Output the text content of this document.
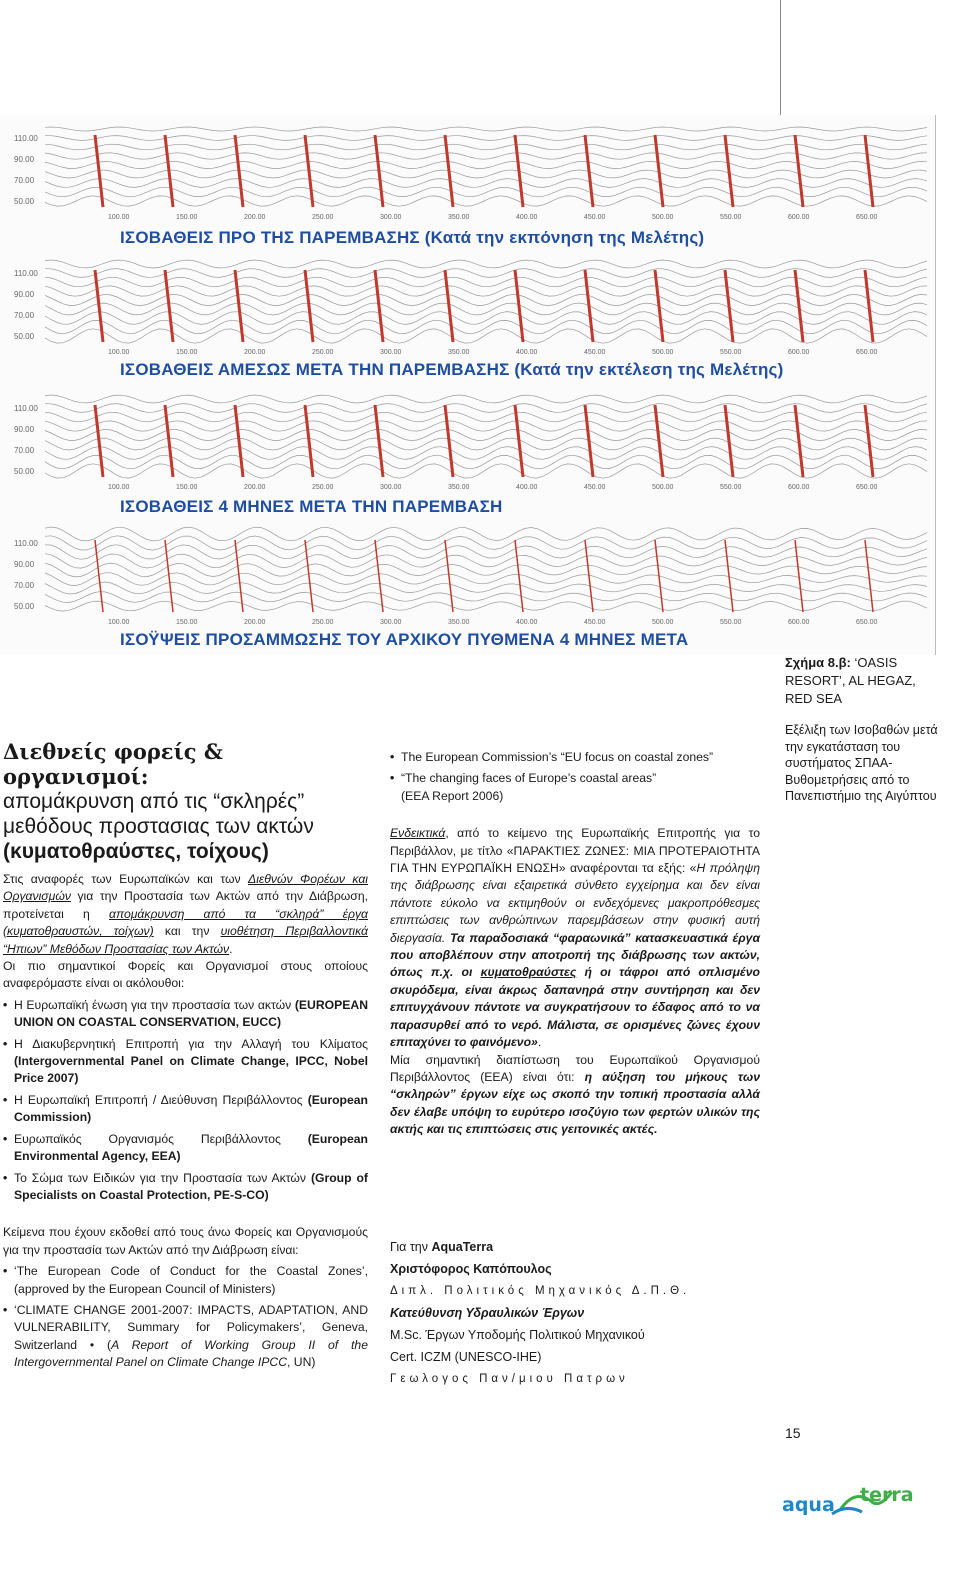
110.00
90.00
70.00
50.00
100.00	150.00	200.00	250.00	300.00	350.00	400.00	450.00	500.00	550.00	600.00	650.00
ΙΣΟΒΑΘΕΙΣ ΠΡΟ ΤΗΣ ΠΑΡΕΜΒΑΣΗΣ (Κατά την εκπόνηση της Μελέτης)
110.00
90.00
70.00
50.00
100.00	150.00	200.00	250.00	300.00	350.00	400.00	450.00	500.00	550.00	600.00	650.00
ΙΣΟΒΑΘΕΙΣ ΑΜΕΣΩΣ ΜΕΤΑ ΤΗΝ ΠΑΡΕΜΒΑΣΗΣ (Κατά την εκτέλεση της Μελέτης)
110.00
90.00
70.00
50.00
100.00	150.00	200.00	250.00	300.00	350.00	400.00	450.00	500.00	550.00	600.00	650.00
ΙΣΟΒΑΘΕΙΣ 4 ΜΗΝΕΣ ΜΕΤΑ ΤΗΝ ΠΑΡΕΜΒΑΣΗ
110.00
90.00
70.00
50.00
100.00	150.00	200.00	250.00	300.00	350.00	400.00	450.00	500.00	550.00	600.00	650.00
ΙΣΟΫΨΕΙΣ ΠΡΟΣΑΜΜΩΣΗΣ ΤΟΥ ΑΡΧΙΚΟΥ ΠΥΘΜΕΝΑ 4 ΜΗΝΕΣ ΜΕΤΑ
Σχήμα 8.β: ‘OASIS RESORT’, AL HEGAZ, RED SEA
Εξέλιξη των Ισοβαθών μετά την εγκατάσταση του συστήματος ΣΠΑΑ- Βυθομετρήσεις από το Πανεπιστήμιο της Αιγύπτου

Διεθνείς φορείς & οργανισμοί:

απομάκρυνση από τις “σκληρές” μεθόδους προστασιας των ακτών

(κυματοθραύστες, τοίχους)

Στις αναφορές των Ευρωπαϊκών και των Διεθνών Φορέων και Οργανισμών για την Προστασία των Ακτών από την Διάβρωση, προτείνεται η απομάκρυνση από τα “σκληρά” έργα (κυματοθραυστών, τοίχων) και την υιοθέτηση Περιβαλλοντικά “Ηπιων” Μεθόδων Προστασίας των Ακτών.

Οι πιο σημαντικοί Φορείς και Οργανισμοί στους οποίους αναφερόμαστε είναι οι ακόλουθοι:

• Η Ευρωπαϊκή ένωση για την προστασία των ακτών (EUROPEAN UNION ON COASTAL CONSERVATION, EUCC)
• Η Διακυβερνητική Επιτροπή για την Αλλαγή του Κλίματος (Intergovernmental Panel on Climate Change, IPCC, Nobel Price 2007)
• Η Ευρωπαϊκή Επιτροπή / Διεύθυνση Περιβάλλοντος (European Commission)
• Ευρωπαϊκός Οργανισμός Περιβάλλοντος (European Environmental Agency, EEA)
• Το Σώμα των Ειδικών για την Προστασία των Ακτών (Group of Specialists on Coastal Protection, PE-S-CO)

Κείμενα που έχουν εκδοθεί από τους άνω Φορείς και Οργανισμούς για την προστασία των Ακτών από την Διάβρωση είναι:

• ‘The European Code of Conduct for the Coastal Zones’, (approved by the European Council of Ministers)
• ‘CLIMATE CHANGE 2001-2007: IMPACTS, ADAPTATION, AND VULNERABILITY, Summary for Policymakers’, Geneva, Switzerland • (A Report of Working Group II of the Intergovernmental Panel on Climate Change IPCC, UN)
• The European Commission’s “EU focus on coastal zones”
• “The changing faces of Europe’s coastal areas”
(EEA Report 2006)

Ενδεικτικά, από το κείμενο της Ευρωπαϊκής Επιτροπής για το Περιβάλλον, με τίτλο «ΠΑΡΑΚΤΙΕΣ ΖΩΝΕΣ: ΜΙΑ ΠΡΟΤΕΡΑΙΟΤΗΤΑ ΓΙΑ ΤΗΝ ΕΥΡΩΠΑΪΚΗ ΕΝΩΣΗ» αναφέρονται τα εξής: «Η πρόληψη της διάβρωσης είναι εξαιρετικά σύνθετο εγχείρημα και δεν είναι πάντοτε εύκολο να εκτιμηθούν οι ενδεχόμενες μακροπρόθεσμες επιπτώσεις των ανθρώπινων παρεμβάσεων στην φυσική αυτή διεργασία. Τα παραδοσιακά “φαραωνικά” κατασκευαστικά έργα που αποβλέπουν στην αποτροπή της διάβρωσης των ακτών, όπως π.χ. οι κυματοθραύστες ή οι τάφροι από οπλισμένο σκυρόδεμα, είναι άκρως δαπανηρά στην συντήρηση και δεν επιτυγχάνουν πάντοτε να συγκρατήσουν το έδαφος από το να παρασυρθεί από το νερό. Μάλιστα, σε ορισμένες ζώνες έχουν επιταχύνει το φαινόμενο».

Μία σημαντική διαπίστωση του Ευρωπαϊκού Οργανισμού Περιβάλλοντος (ΕΕΑ) είναι ότι: η αύξηση του μήκους των “σκληρών” έργων είχε ως σκοπό την τοπική προστασία αλλά δεν έλαβε υπόψη το ευρύτερο ισοζύγιο των φερτών υλικών της ακτής και τις επιπτώσεις στις γειτονικές ακτές.

Για την AquaTerra
Χριστόφορος Καπόπουλος
Διπλ. Πολιτικός Μηχανικός Δ.Π.Θ.
Κατεύθυνση Υδραυλικών Έργων
M.Sc. Έργων Υποδομής Πολιτικού Μηχανικού
Cert. ICZM (UNESCO-IHE)
Γεωλογος Παν/μιου Πατρων
15
aqua terra
